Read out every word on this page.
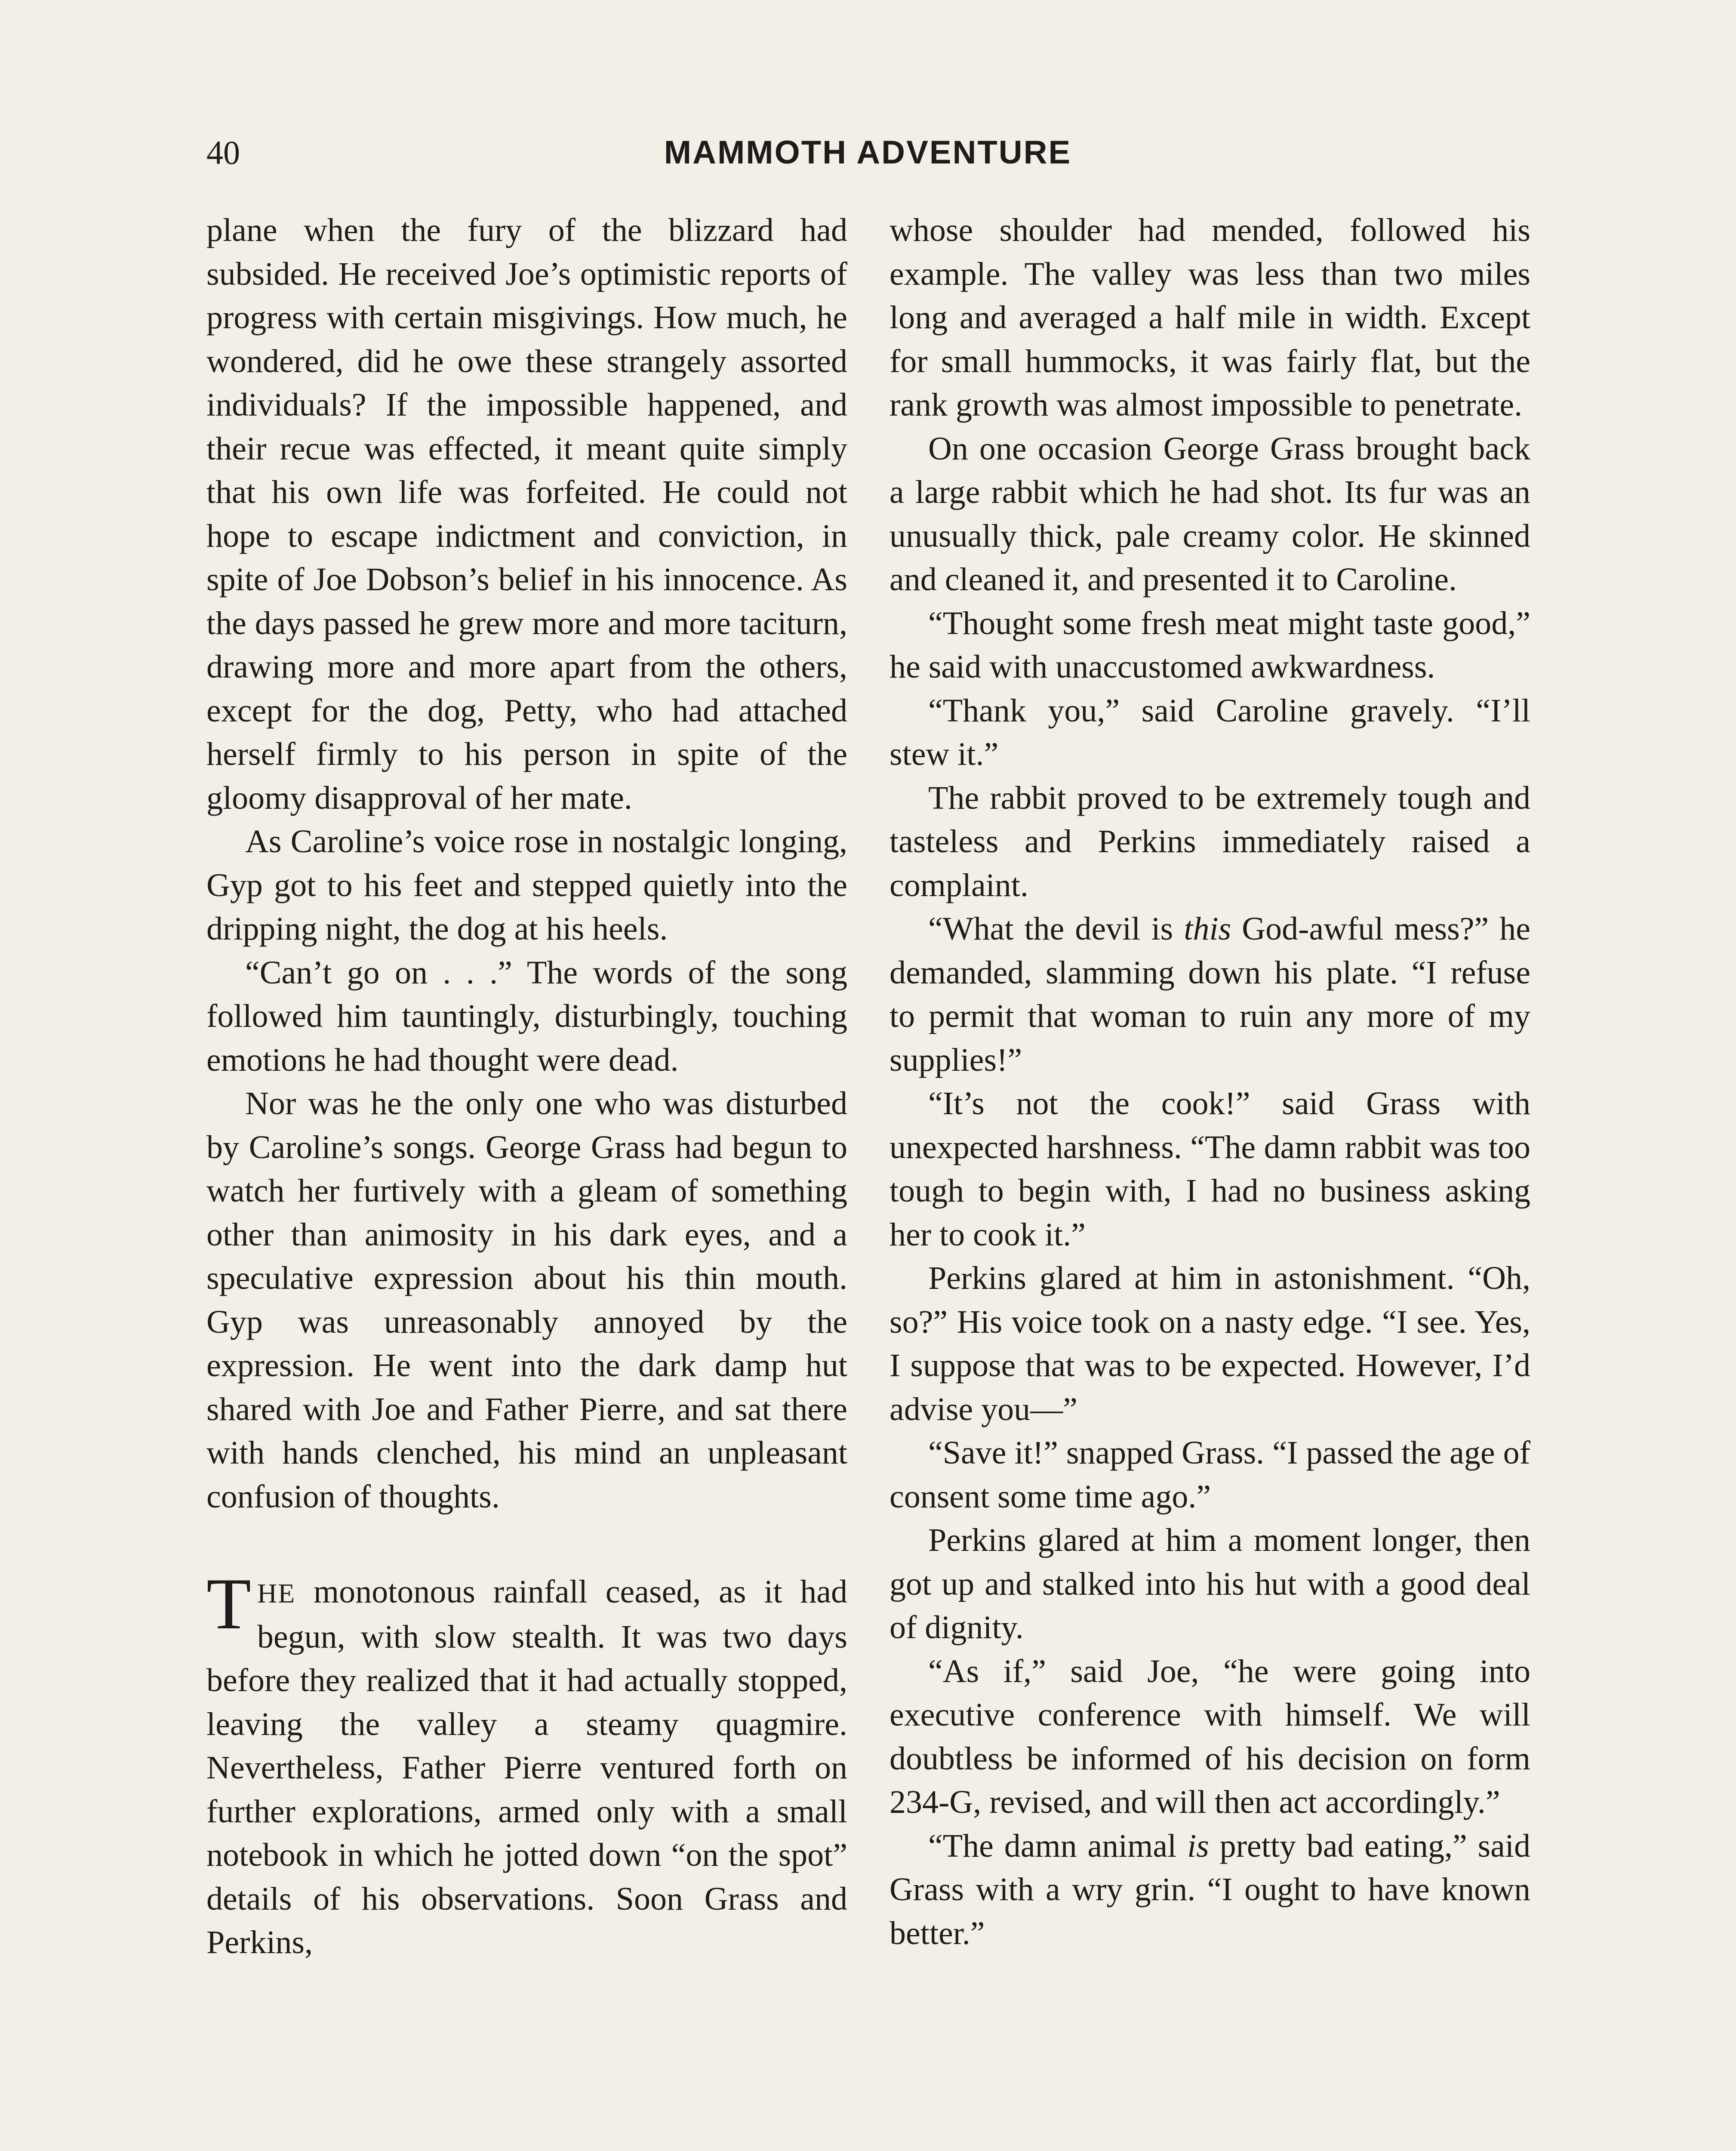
40	MAMMOTH ADVENTURE

plane when the fury of the blizzard had subsided. He received Joe’s optimistic reports of progress with certain misgivings. How much, he wondered, did he owe these strangely assorted individuals? If the impossible happened, and their recue was effected, it meant quite simply that his own life was forfeited. He could not hope to escape indictment and conviction, in spite of Joe Dobson’s belief in his innocence. As the days passed he grew more and more taciturn, drawing more and more apart from the others, except for the dog, Petty, who had attached herself firmly to his person in spite of the gloomy disapproval of her mate.

As Caroline’s voice rose in nostalgic longing, Gyp got to his feet and stepped quietly into the dripping night, the dog at his heels.

“Can’t go on . . .” The words of the song followed him tauntingly, disturbingly, touching emotions he had thought were dead.

Nor was he the only one who was disturbed by Caroline’s songs. George Grass had begun to watch her furtively with a gleam of something other than animosity in his dark eyes, and a speculative expression about his thin mouth. Gyp was unreasonably annoyed by the expression. He went into the dark damp hut shared with Joe and Father Pierre, and sat there with hands clenched, his mind an unpleasant confusion of thoughts.

THE monotonous rainfall ceased, as it had begun, with slow stealth. It was two days before they realized that it had actually stopped, leaving the valley a steamy quagmire. Nevertheless, Father Pierre ventured forth on further explorations, armed only with a small notebook in which he jotted down “on the spot” details of his observations. Soon Grass and Perkins,

whose shoulder had mended, followed his example. The valley was less than two miles long and averaged a half mile in width. Except for small hummocks, it was fairly flat, but the rank growth was almost impossible to penetrate.

On one occasion George Grass brought back a large rabbit which he had shot. Its fur was an unusually thick, pale creamy color. He skinned and cleaned it, and presented it to Caroline.

“Thought some fresh meat might taste good,” he said with unaccustomed awkwardness.

“Thank you,” said Caroline gravely. “I’ll stew it.”

The rabbit proved to be extremely tough and tasteless and Perkins immediately raised a complaint.

“What the devil is this God-awful mess?” he demanded, slamming down his plate. “I refuse to permit that woman to ruin any more of my supplies!”

“It’s not the cook!” said Grass with unexpected harshness. “The damn rabbit was too tough to begin with, I had no business asking her to cook it.”

Perkins glared at him in astonishment. “Oh, so?” His voice took on a nasty edge. “I see. Yes, I suppose that was to be expected. However, I’d advise you—”

“Save it!” snapped Grass. “I passed the age of consent some time ago.”

Perkins glared at him a moment longer, then got up and stalked into his hut with a good deal of dignity.

“As if,” said Joe, “he were going into executive conference with himself. We will doubtless be informed of his decision on form 234-G, revised, and will then act accordingly.”

“The damn animal is pretty bad eating,” said Grass with a wry grin. “I ought to have known better.”
